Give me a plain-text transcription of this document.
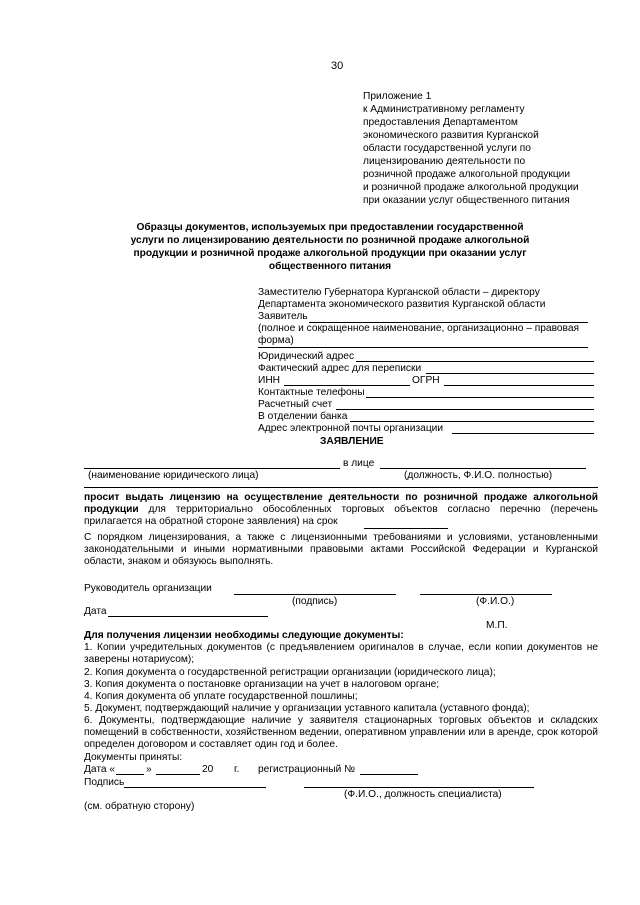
30
Приложение 1
к Административному регламенту
предоставления Департаментом
экономического развития Курганской
области государственной услуги по
лицензированию деятельности по
розничной продаже алкогольной продукции
и розничной продаже алкогольной продукции
при оказании услуг общественного питания
Образцы документов, используемых при предоставлении государственной
услуги по лицензированию деятельности по розничной продаже алкогольной
продукции и розничной продаже алкогольной продукции при оказании услуг
общественного питания
Заместителю Губернатора Курганской области – директору
Департамента экономического развития Курганской области
Заявитель
(полное и сокращенное наименование, организационно – правовая
форма)
Юридический адрес
Фактический адрес для переписки
ИНН	ОГРН
Контактные телефоны
Расчетный счет
В отделении банка
Адрес электронной почты организации
ЗАЯВЛЕНИЕ
в лице
(наименование юридического лица)	(должность, Ф.И.О. полностью)
просит выдать лицензию на осуществление деятельности по розничной продаже алкогольной продукции для территориально обособленных торговых объектов согласно перечню (перечень прилагается на обратной стороне заявления) на срок
С порядком лицензирования, а также с лицензионными требованиями и условиями, установленными законодательными и иными нормативными правовыми актами Российской Федерации и Курганской области, знаком и обязуюсь выполнять.
Руководитель организации
(подпись)	(Ф.И.О.)
Дата
М.П.
Для получения лицензии необходимы следующие документы:
1. Копии учредительных документов (с предъявлением оригиналов в случае, если копии документов не заверены нотариусом);
2. Копия документа о государственной регистрации организации (юридического лица);
3. Копия документа о постановке организации на учет в налоговом органе;
4. Копия документа об уплате государственной пошлины;
5. Документ, подтверждающий наличие у организации уставного капитала (уставного фонда);
6. Документы, подтверждающие наличие у заявителя стационарных торговых объектов и складских помещений в собственности, хозяйственном ведении, оперативном управлении или в аренде, срок которой определен договором и составляет один год и более.
Документы приняты:
Дата «	»	20 г. регистрационный №
Подпись
(Ф.И.О., должность специалиста)
(см. обратную сторону)
